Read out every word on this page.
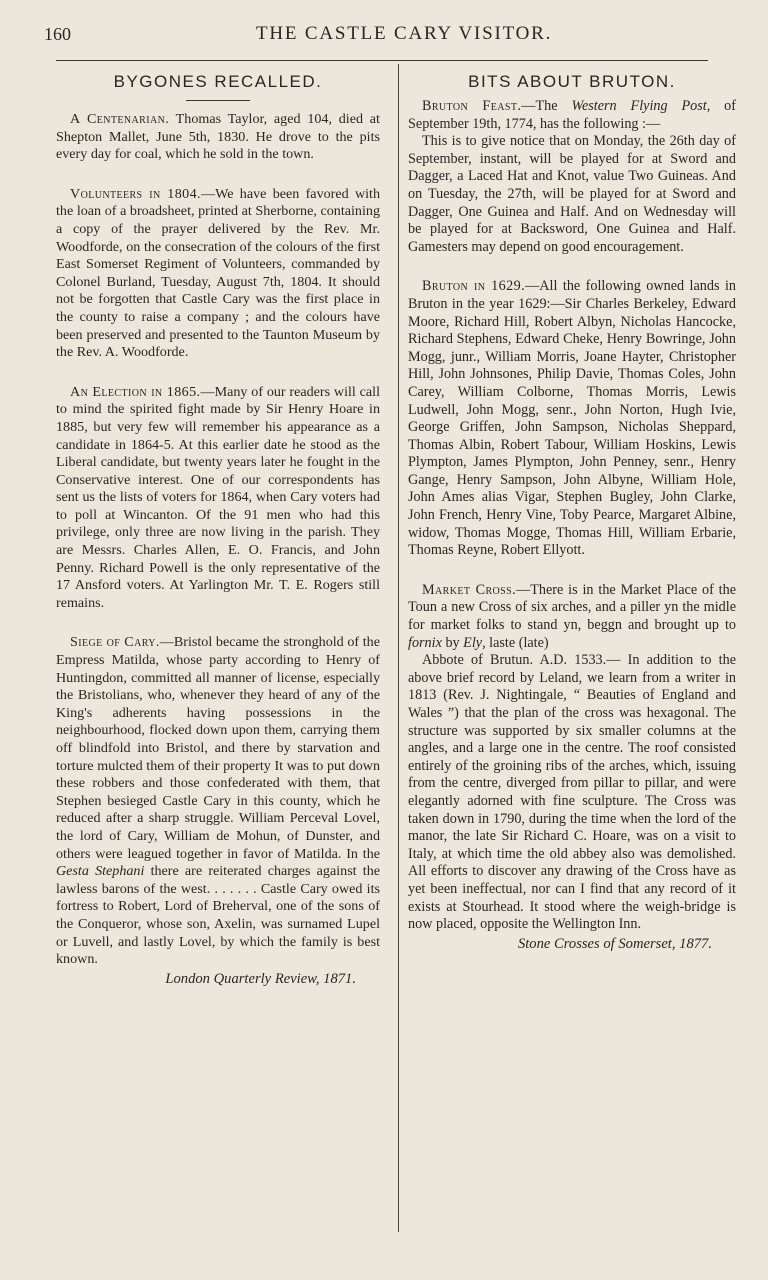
160	THE CASTLE CARY VISITOR.
BYGONES RECALLED.

A Centenarian. Thomas Taylor, aged 104, died at Shepton Mallet, June 5th, 1830. He drove to the pits every day for coal, which he sold in the town.

Volunteers in 1804.—We have been favored with the loan of a broadsheet, printed at Sherborne, containing a copy of the prayer delivered by the Rev. Mr. Woodforde, on the consecration of the colours of the first East Somerset Regiment of Volunteers, commanded by Colonel Burland, Tuesday, August 7th, 1804. It should not be forgotten that Castle Cary was the first place in the county to raise a company ; and the colours have been preserved and presented to the Taunton Museum by the Rev. A. Woodforde.

An Election in 1865.—Many of our readers will call to mind the spirited fight made by Sir Henry Hoare in 1885, but very few will remember his appearance as a candidate in 1864-5. At this earlier date he stood as the Liberal candidate, but twenty years later he fought in the Conservative interest. One of our correspondents has sent us the lists of voters for 1864, when Cary voters had to poll at Wincanton. Of the 91 men who had this privilege, only three are now living in the parish. They are Messrs. Charles Allen, E. O. Francis, and John Penny. Richard Powell is the only representative of the 17 Ansford voters. At Yarlington Mr. T. E. Rogers still remains.

Siege of Cary.—Bristol became the stronghold of the Empress Matilda, whose party according to Henry of Huntingdon, committed all manner of license, especially the Bristolians, who, whenever they heard of any of the King's adherents having possessions in the neighbourhood, flocked down upon them, carrying them off blindfold into Bristol, and there by starvation and torture mulcted them of their property It was to put down these robbers and those confederated with them, that Stephen besieged Castle Cary in this county, which he reduced after a sharp struggle. William Perceval Lovel, the lord of Cary, William de Mohun, of Dunster, and others were leagued together in favor of Matilda. In the Gesta Stephani there are reiterated charges against the lawless barons of the west. . . . . . . Castle Cary owed its fortress to Robert, Lord of Breherval, one of the sons of the Conqueror, whose son, Axelin, was surnamed Lupel or Luvell, and lastly Lovel, by which the family is best known.

London Quarterly Review, 1871.
BITS ABOUT BRUTON.

Bruton Feast.—The Western Flying Post, of September 19th, 1774, has the following :—

This is to give notice that on Monday, the 26th day of September, instant, will be played for at Sword and Dagger, a Laced Hat and Knot, value Two Guineas. And on Tuesday, the 27th, will be played for at Sword and Dagger, One Guinea and Half. And on Wednesday will be played for at Backsword, One Guinea and Half. Gamesters may depend on good encouragement.

Bruton in 1629.—All the following owned lands in Bruton in the year 1629:—Sir Charles Berkeley, Edward Moore, Richard Hill, Robert Albyn, Nicholas Hancocke, Richard Stephens, Edward Cheke, Henry Bowringe, John Mogg, junr., William Morris, Joane Hayter, Christopher Hill, John Johnsones, Philip Davie, Thomas Coles, John Carey, William Colborne, Thomas Morris, Lewis Ludwell, John Mogg, senr., John Norton, Hugh Ivie, George Griffen, John Sampson, Nicholas Sheppard, Thomas Albin, Robert Tabour, William Hoskins, Lewis Plympton, James Plympton, John Penney, senr., Henry Gange, Henry Sampson, John Albyne, William Hole, John Ames alias Vigar, Stephen Bugley, John Clarke, John French, Henry Vine, Toby Pearce, Margaret Albine, widow, Thomas Mogge, Thomas Hill, William Erbarie, Thomas Reyne, Robert Ellyott.

Market Cross.—There is in the Market Place of the Toun a new Cross of six arches, and a piller yn the midle for market folks to stand yn, beggn and brought up to fornix by Ely, laste (late)

Abbote of Brutun. A.D. 1533.— In addition to the above brief record by Leland, we learn from a writer in 1813 (Rev. J. Nightingale, “ Beauties of England and Wales ”) that the plan of the cross was hexagonal. The structure was supported by six smaller columns at the angles, and a large one in the centre. The roof consisted entirely of the groining ribs of the arches, which, issuing from the centre, diverged from pillar to pillar, and were elegantly adorned with fine sculpture. The Cross was taken down in 1790, during the time when the lord of the manor, the late Sir Richard C. Hoare, was on a visit to Italy, at which time the old abbey also was demolished. All efforts to discover any drawing of the Cross have as yet been ineffectual, nor can I find that any record of it exists at Stourhead. It stood where the weigh-bridge is now placed, opposite the Wellington Inn.

Stone Crosses of Somerset, 1877.
